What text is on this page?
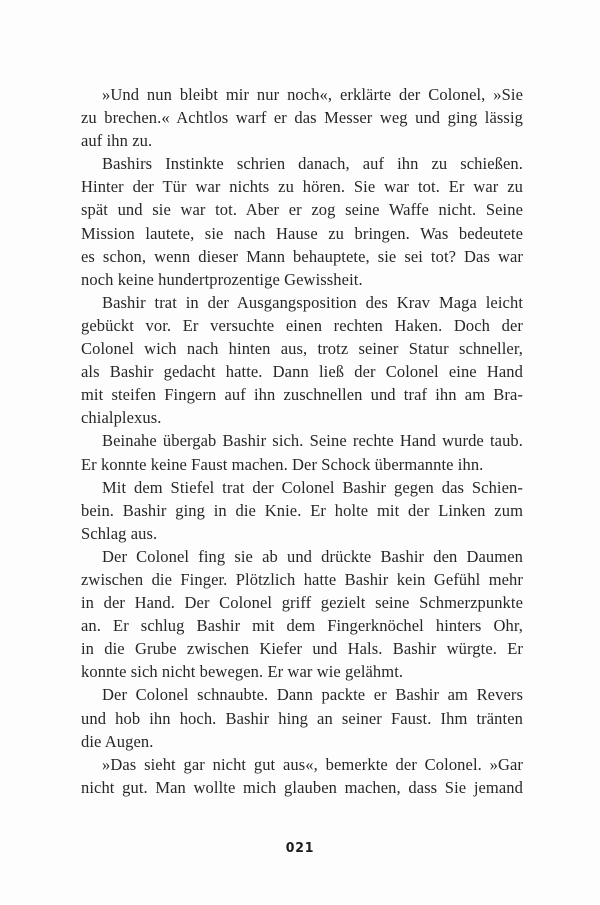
»Und nun bleibt mir nur noch«, erklärte der Colonel, »Sie
zu brechen.« Achtlos warf er das Messer weg und ging lässig
auf ihn zu.
Bashirs Instinkte schrien danach, auf ihn zu schießen.
Hinter der Tür war nichts zu hören. Sie war tot. Er war zu
spät und sie war tot. Aber er zog seine Waffe nicht. Seine
Mission lautete, sie nach Hause zu bringen. Was bedeutete
es schon, wenn dieser Mann behauptete, sie sei tot? Das war
noch keine hundertprozentige Gewissheit.
Bashir trat in der Ausgangsposition des Krav Maga leicht
gebückt vor. Er versuchte einen rechten Haken. Doch der
Colonel wich nach hinten aus, trotz seiner Statur schneller,
als Bashir gedacht hatte. Dann ließ der Colonel eine Hand
mit steifen Fingern auf ihn zuschnellen und traf ihn am Bra-
chialplexus.
Beinahe übergab Bashir sich. Seine rechte Hand wurde taub.
Er konnte keine Faust machen. Der Schock übermannte ihn.
Mit dem Stiefel trat der Colonel Bashir gegen das Schien-
bein. Bashir ging in die Knie. Er holte mit der Linken zum
Schlag aus.
Der Colonel fing sie ab und drückte Bashir den Daumen
zwischen die Finger. Plötzlich hatte Bashir kein Gefühl mehr
in der Hand. Der Colonel griff gezielt seine Schmerzpunkte
an. Er schlug Bashir mit dem Fingerknöchel hinters Ohr,
in die Grube zwischen Kiefer und Hals. Bashir würgte. Er
konnte sich nicht bewegen. Er war wie gelähmt.
Der Colonel schnaubte. Dann packte er Bashir am Revers
und hob ihn hoch. Bashir hing an seiner Faust. Ihm tränten
die Augen.
»Das sieht gar nicht gut aus«, bemerkte der Colonel. »Gar
nicht gut. Man wollte mich glauben machen, dass Sie jemand
021
